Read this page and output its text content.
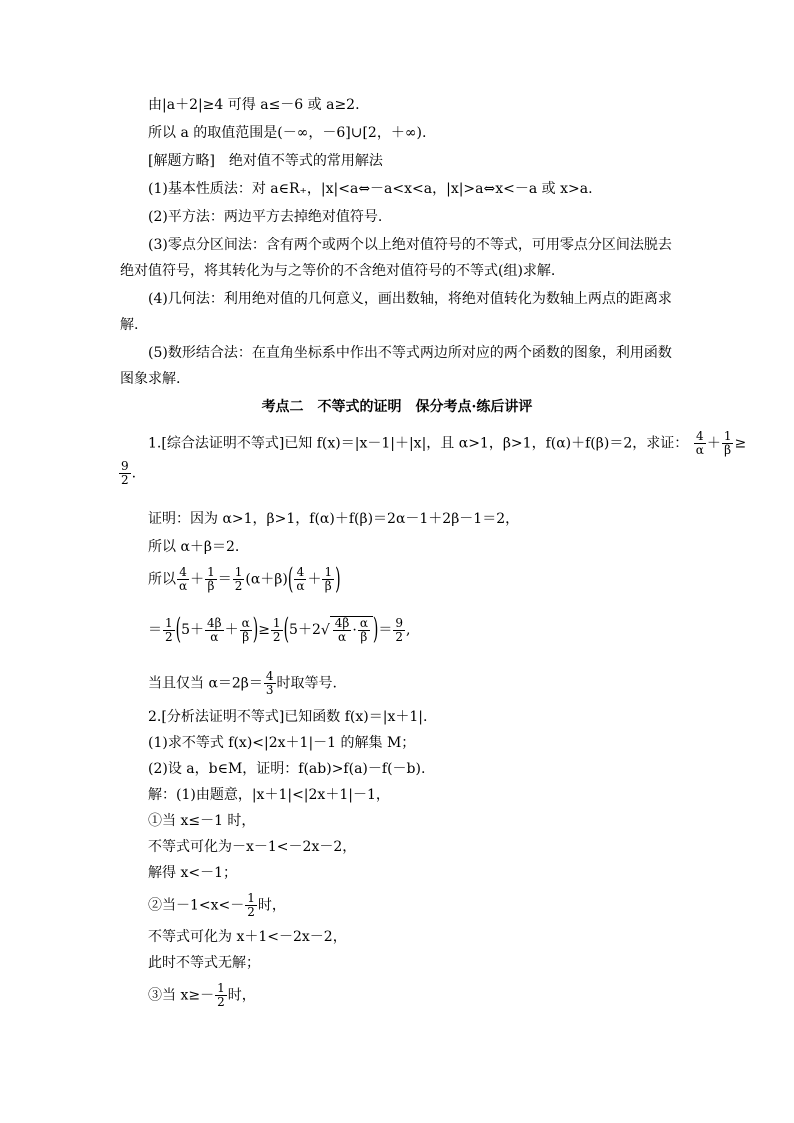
由|a＋2|≥4 可得 a≤－6 或 a≥2.
所以 a 的取值范围是(－∞，－6]∪[2，＋∞).
[解题方略]　绝对值不等式的常用解法
(1)基本性质法：对 a∈R₊，|x|<a⇔－a<x<a，|x|>a⇔x<－a 或 x>a.
(2)平方法：两边平方去掉绝对值符号.
(3)零点分区间法：含有两个或两个以上绝对值符号的不等式，可用零点分区间法脱去
绝对值符号，将其转化为与之等价的不含绝对值符号的不等式(组)求解.
(4)几何法：利用绝对值的几何意义，画出数轴，将绝对值转化为数轴上两点的距离求
解.
(5)数形结合法：在直角坐标系中作出不等式两边所对应的两个函数的图象，利用函数
图象求解.
考点二　不等式的证明　保分考点·练后讲评
1.[综合法证明不等式]已知 f(x)＝|x－1|＋|x|，且 α>1，β>1，f(α)＋f(β)＝2，求证： $\frac{4}{\alpha} + \frac{1}{\beta}$ ≥
$\frac{9}{2}$ .
证明：因为 α>1，β>1，f(α)＋f(β)＝2α－1＋2β－1＝2，
所以 α＋β＝2.
所以 $\frac{4}{\alpha} + \frac{1}{\beta} = \frac{1}{2} (\alpha+\beta)( \frac{4}{\alpha} + \frac{1}{\beta}$ )
＝ $\frac{1}{2} (5+ \frac{4\beta}{\alpha} + \frac{\alpha}{\beta}$ )≥ $\frac{1}{2} (5+2√ \frac{4\beta}{\alpha} \cdot \frac{\alpha}{\beta}$ )＝ $\frac{9}{2}$ ,
当且仅当 $\alpha=2\beta= \frac{4}{3}$ 时取等号.
2.[分析法证明不等式]已知函数 f(x)＝|x＋1|.
(1)求不等式 f(x)<|2x＋1|－1 的解集 M；
(2)设 a，b∈M，证明：f(ab)>f(a)－f(－b).
解：(1)由题意，|x＋1|<|2x＋1|－1，
①当 x≤－1 时，
不等式可化为－x－1<－2x－2，
解得 x<－1；
②当$-1<x<- \frac{1}{2}$ 时，
不等式可化为 x＋1<－2x－2，
此时不等式无解；
③当 $x\ge- \frac{1}{2}$ 时，
